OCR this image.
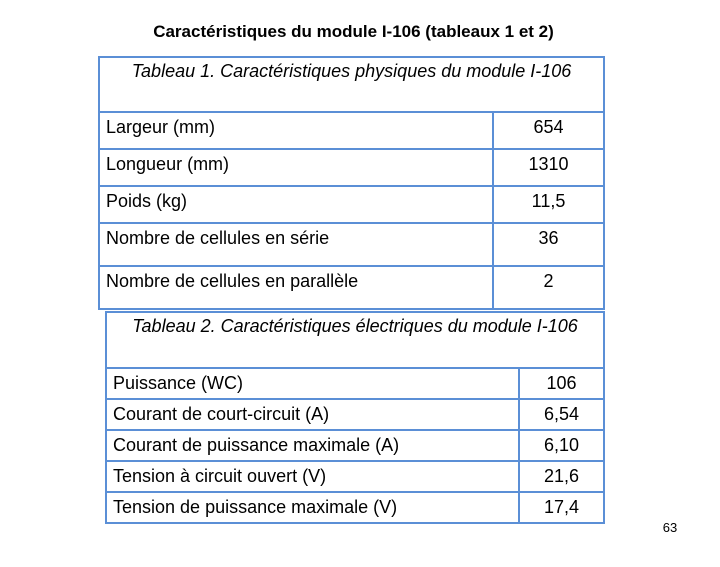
Caractéristiques du module I-106 (tableaux 1 et 2)
Tableau 1. Caractéristiques physiques du module I-106	
Largeur (mm)	654
Longueur (mm)	1310
Poids (kg)	11,5
Nombre de cellules en série	36
Nombre de cellules en parallèle	2
Tableau 2. Caractéristiques électriques du module I-106	
Puissance (WC)	106
Courant de court-circuit (A)	6,54
Courant de puissance maximale (A)	6,10
Tension à circuit ouvert (V)	21,6
Tension de puissance maximale (V)	17,4
63
